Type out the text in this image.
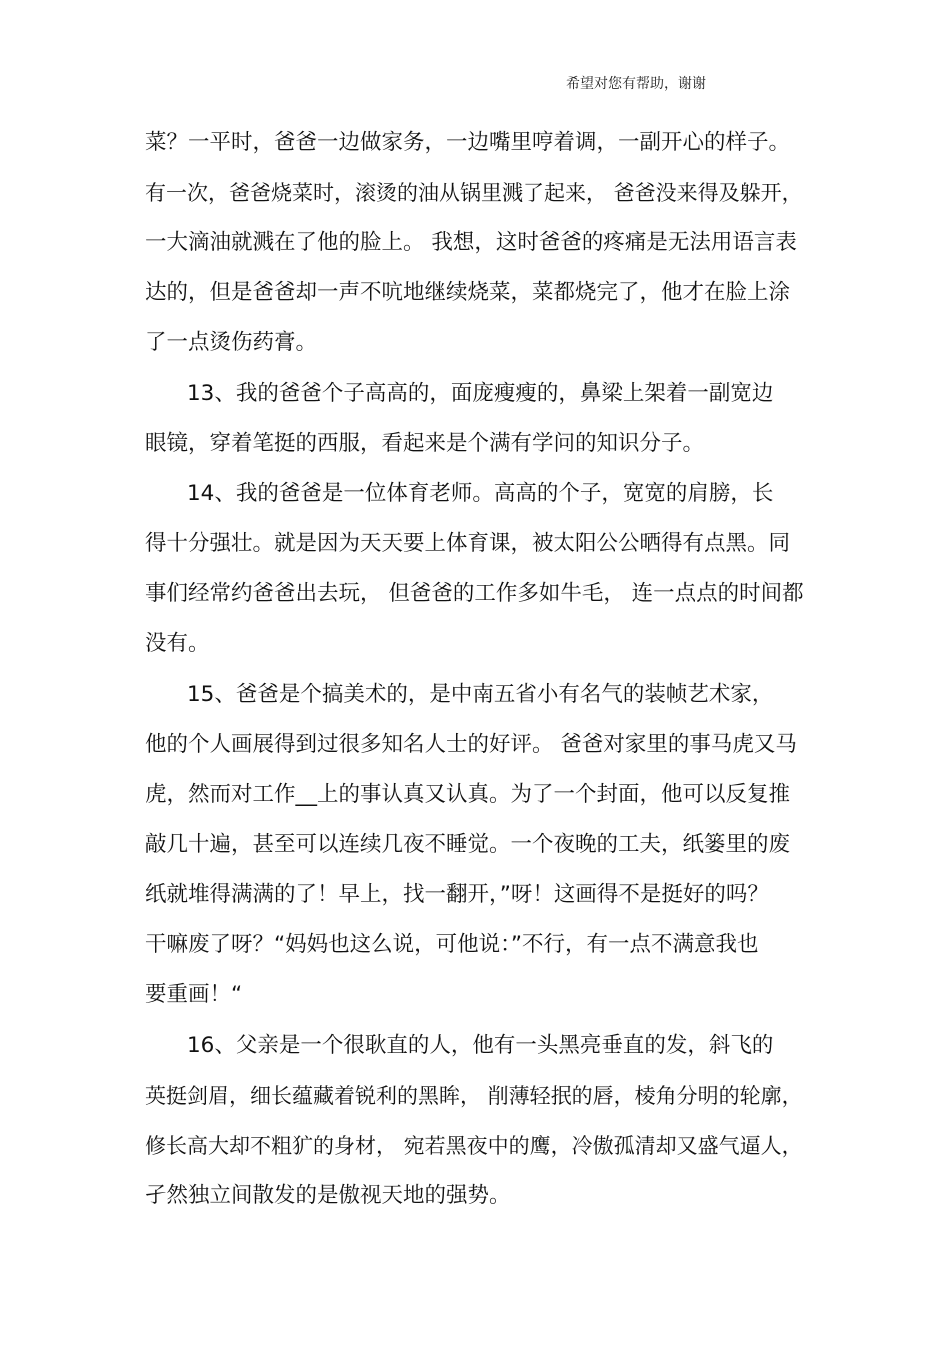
希望对您有帮助，谢谢
菜？一平时，爸爸一边做家务，一边嘴里哼着调，一副开心的样子。
有一次，爸爸烧菜时，滚烫的油从锅里溅了起来， 爸爸没来得及躲开，
一大滴油就溅在了他的脸上。 我想，这时爸爸的疼痛是无法用语言表
达的，但是爸爸却一声不吭地继续烧菜，菜都烧完了，他才在脸上涂
了一点烫伤药膏。
13、我的爸爸个子高高的，面庞瘦瘦的，鼻梁上架着一副宽边
眼镜，穿着笔挺的西服，看起来是个满有学问的知识分子。
14、我的爸爸是一位体育老师。高高的个子，宽宽的肩膀，长
得十分强壮。就是因为天天要上体育课，被太阳公公晒得有点黑。同
事们经常约爸爸出去玩， 但爸爸的工作多如牛毛， 连一点点的时间都
没有。
15、爸爸是个搞美术的，是中南五省小有名气的装帧艺术家，
他的个人画展得到过很多知名人士的好评。 爸爸对家里的事马虎又马
虎，然而对工作__上的事认真又认真。为了一个封面，他可以反复推
敲几十遍，甚至可以连续几夜不睡觉。一个夜晚的工夫，纸篓里的废
纸就堆得满满的了！早上，找一翻开，”呀！这画得不是挺好的吗？
干嘛废了呀？“妈妈也这么说，可他说：”不行，有一点不满意我也
要重画！“
16、父亲是一个很耿直的人，他有一头黑亮垂直的发，斜飞的
英挺剑眉，细长蕴藏着锐利的黑眸， 削薄轻抿的唇，棱角分明的轮廓，
修长高大却不粗犷的身材， 宛若黑夜中的鹰，冷傲孤清却又盛气逼人，
孑然独立间散发的是傲视天地的强势。
